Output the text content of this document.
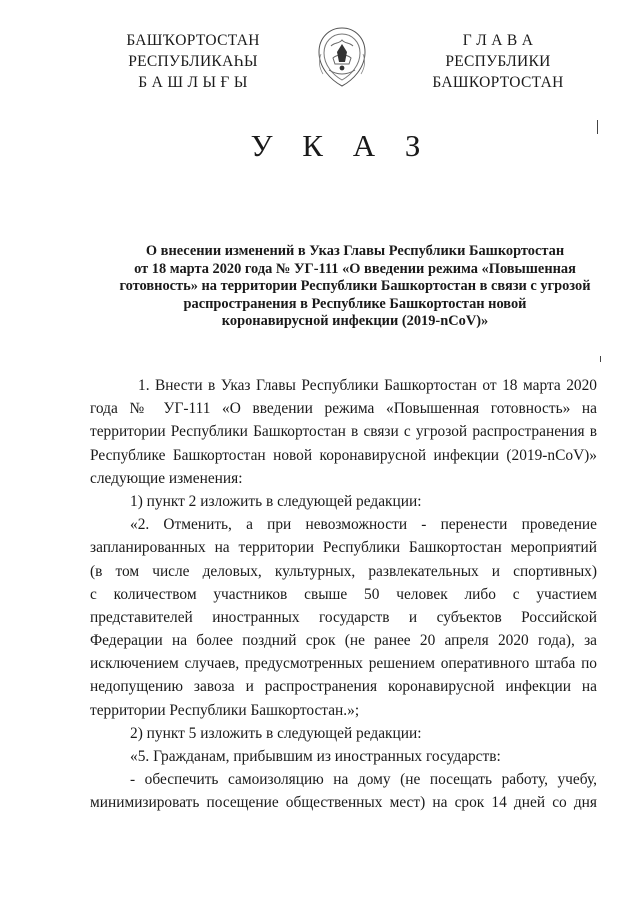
БАШҠОРТОСТАН
РЕСПУБЛИКАҺЫ
Б А Ш Л Ы Ғ Ы
Г Л А В А
РЕСПУБЛИКИ
БАШКОРТОСТАН
У К А З
О внесении изменений в Указ Главы Республики Башкортостан
от 18 марта 2020 года № УГ-111 «О введении режима «Повышенная
готовность» на территории Республики Башкортостан в связи с угрозой
распространения в Республике Башкортостан новой
коронавирусной инфекции (2019-nCoV)»
1. Внести в Указ Главы Республики Башкортостан от 18 марта 2020
года № УГ-111 «О введении режима «Повышенная готовность» на
территории Республики Башкортостан в связи с угрозой распространения в
Республике Башкортостан новой коронавирусной инфекции (2019-nCoV)»
следующие изменения:
1) пункт 2 изложить в следующей редакции:
«2. Отменить, а при невозможности - перенести проведение
запланированных на территории Республики Башкортостан мероприятий
(в том числе деловых, культурных, развлекательных и спортивных)
с количеством участников свыше 50 человек либо с участием
представителей иностранных государств и субъектов Российской
Федерации на более поздний срок (не ранее 20 апреля 2020 года), за
исключением случаев, предусмотренных решением оперативного штаба по
недопущению завоза и распространения коронавирусной инфекции на
территории Республики Башкортостан.»;
2) пункт 5 изложить в следующей редакции:
«5. Гражданам, прибывшим из иностранных государств:
- обеспечить самоизоляцию на дому (не посещать работу, учебу,
минимизировать посещение общественных мест) на срок 14 дней со дня
